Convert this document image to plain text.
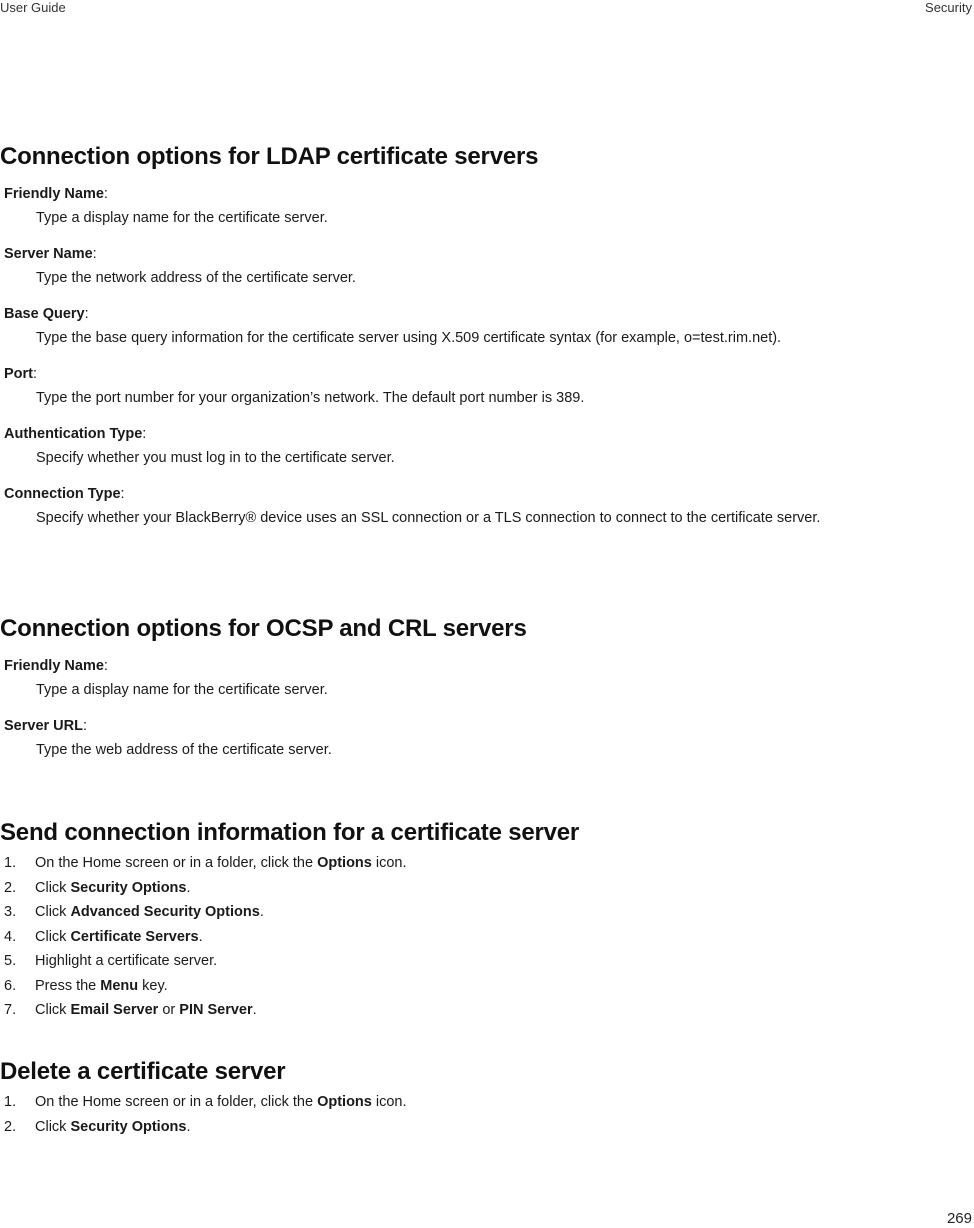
User Guide	Security
Connection options for LDAP certificate servers
Friendly Name:
Type a display name for the certificate server.
Server Name:
Type the network address of the certificate server.
Base Query:
Type the base query information for the certificate server using X.509 certificate syntax (for example, o=test.rim.net).
Port:
Type the port number for your organization’s network. The default port number is 389.
Authentication Type:
Specify whether you must log in to the certificate server.
Connection Type:
Specify whether your BlackBerry® device uses an SSL connection or a TLS connection to connect to the certificate server.
Connection options for OCSP and CRL servers
Friendly Name:
Type a display name for the certificate server.
Server URL:
Type the web address of the certificate server.
Send connection information for a certificate server
1. On the Home screen or in a folder, click the Options icon.
2. Click Security Options.
3. Click Advanced Security Options.
4. Click Certificate Servers.
5. Highlight a certificate server.
6. Press the Menu key.
7. Click Email Server or PIN Server.
Delete a certificate server
1. On the Home screen or in a folder, click the Options icon.
2. Click Security Options.
269
